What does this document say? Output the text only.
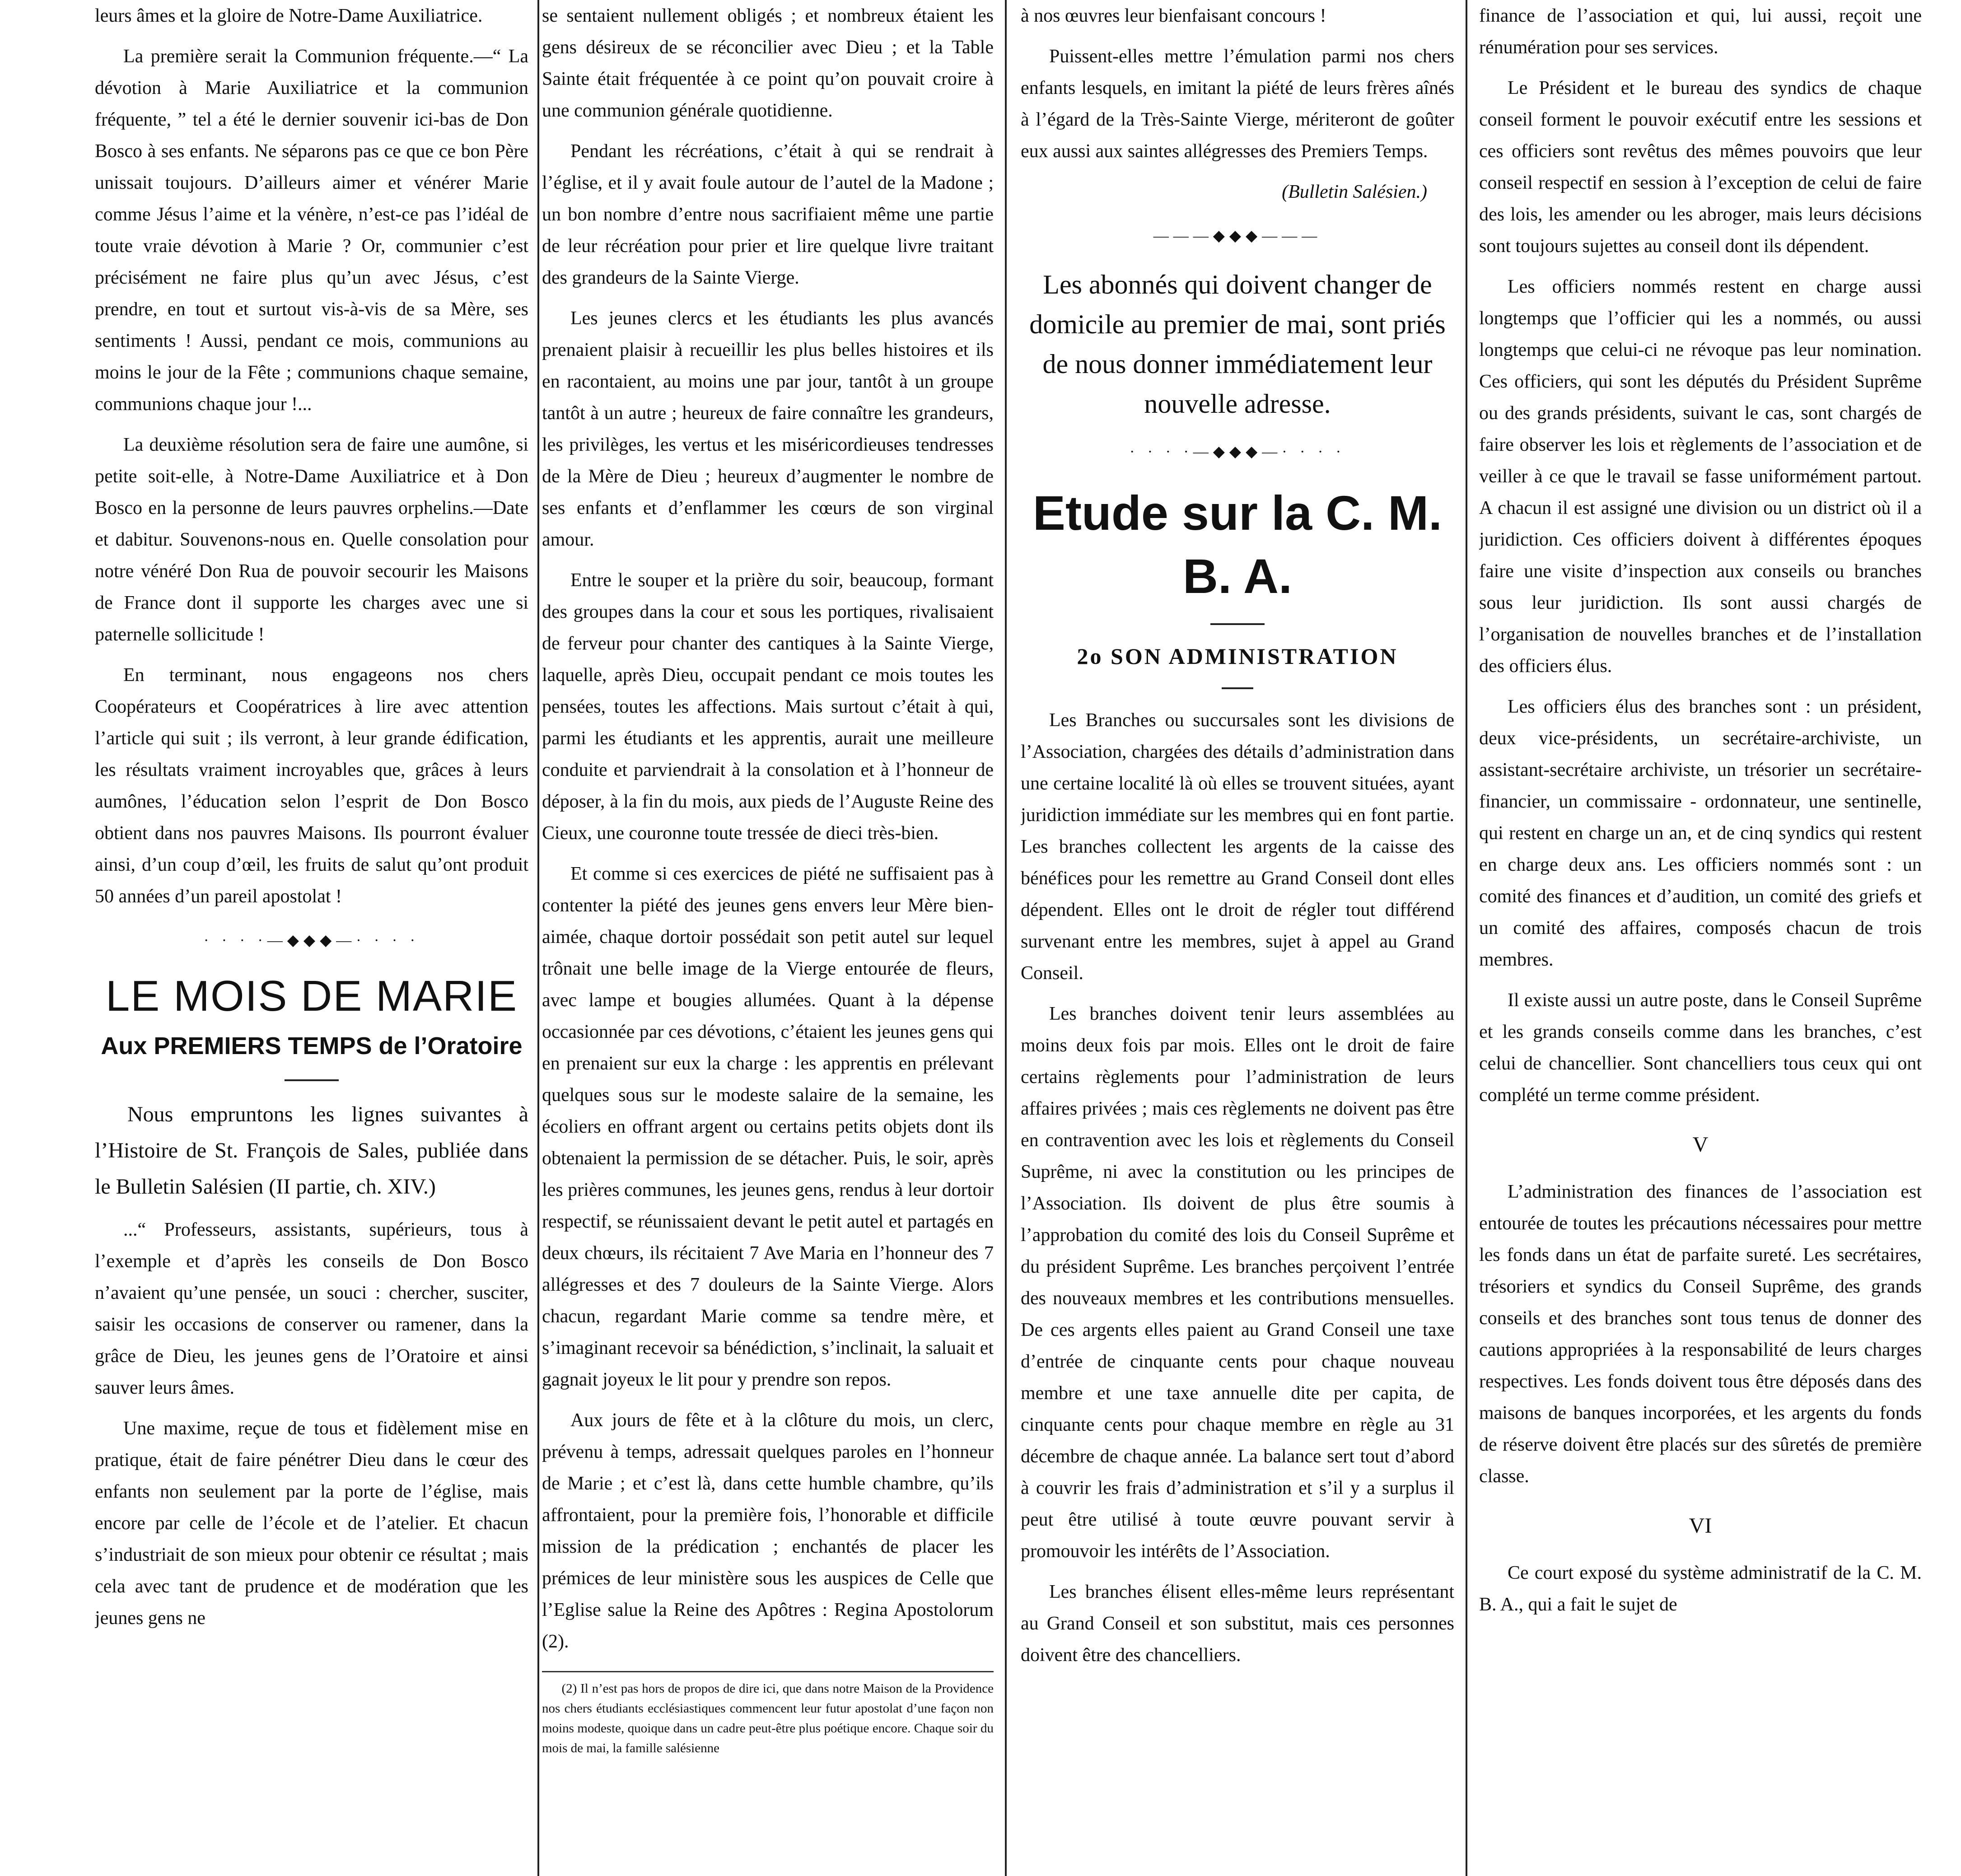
leurs âmes et la gloire de Notre-Dame Auxiliatrice.

La première serait la Communion fréquente.—“ La dévotion à Marie Auxiliatrice et la communion fréquente, ” tel a été le dernier souvenir ici-bas de Don Bosco à ses enfants. Ne séparons pas ce que ce bon Père unissait toujours. D’ailleurs aimer et vénérer Marie comme Jésus l’aime et la vénère, n’est-ce pas l’idéal de toute vraie dévotion à Marie ? Or, communier c’est précisément ne faire plus qu’un avec Jésus, c’est prendre, en tout et surtout vis-à-vis de sa Mère, ses sentiments ! Aussi, pendant ce mois, communions au moins le jour de la Fête ; communions chaque semaine, communions chaque jour !...

La deuxième résolution sera de faire une aumône, si petite soit-elle, à Notre-Dame Auxiliatrice et à Don Bosco en la personne de leurs pauvres orphelins.—Date et dabitur. Souvenons-nous en. Quelle consolation pour notre vénéré Don Rua de pouvoir secourir les Maisons de France dont il supporte les charges avec une si paternelle sollicitude !

En terminant, nous engageons nos chers Coopérateurs et Coopératrices à lire avec attention l’article qui suit ; ils verront, à leur grande édification, les résultats vraiment incroyables que, grâces à leurs aumônes, l’éducation selon l’esprit de Don Bosco obtient dans nos pauvres Maisons. Ils pourront évaluer ainsi, d’un coup d’œil, les fruits de salut qu’ont produit 50 années d’un pareil apostolat !

· · · ·—◆◆◆—· · · ·
LE MOIS DE MARIE
Aux PREMIERS TEMPS de l’Oratoire

Nous empruntons les lignes suivantes à l’Histoire de St. François de Sales, publiée dans le Bulletin Salésien (II partie, ch. XIV.)

...“ Professeurs, assistants, supérieurs, tous à l’exemple et d’après les conseils de Don Bosco n’avaient qu’une pensée, un souci : chercher, susciter, saisir les occasions de conserver ou ramener, dans la grâce de Dieu, les jeunes gens de l’Oratoire et ainsi sauver leurs âmes.

Une maxime, reçue de tous et fidèlement mise en pratique, était de faire pénétrer Dieu dans le cœur des enfants non seulement par la porte de l’église, mais encore par celle de l’école et de l’atelier. Et chacun s’industriait de son mieux pour obtenir ce résultat ; mais cela avec tant de prudence et de modération que les jeunes gens ne

se sentaient nullement obligés ; et nombreux étaient les gens désireux de se réconcilier avec Dieu ; et la Table Sainte était fréquentée à ce point qu’on pouvait croire à une communion générale quotidienne.

Pendant les récréations, c’était à qui se rendrait à l’église, et il y avait foule autour de l’autel de la Madone ; un bon nombre d’entre nous sacrifiaient même une partie de leur récréation pour prier et lire quelque livre traitant des grandeurs de la Sainte Vierge.

Les jeunes clercs et les étudiants les plus avancés prenaient plaisir à recueillir les plus belles histoires et ils en racontaient, au moins une par jour, tantôt à un groupe tantôt à un autre ; heureux de faire connaître les grandeurs, les privilèges, les vertus et les miséricordieuses tendresses de la Mère de Dieu ; heureux d’augmenter le nombre de ses enfants et d’enflammer les cœurs de son virginal amour.

Entre le souper et la prière du soir, beaucoup, formant des groupes dans la cour et sous les portiques, rivalisaient de ferveur pour chanter des cantiques à la Sainte Vierge, laquelle, après Dieu, occupait pendant ce mois toutes les pensées, toutes les affections. Mais surtout c’était à qui, parmi les étudiants et les apprentis, aurait une meilleure conduite et parviendrait à la consolation et à l’honneur de déposer, à la fin du mois, aux pieds de l’Auguste Reine des Cieux, une couronne toute tressée de dieci très-bien.

Et comme si ces exercices de piété ne suffisaient pas à contenter la piété des jeunes gens envers leur Mère bien-aimée, chaque dortoir possédait son petit autel sur lequel trônait une belle image de la Vierge entourée de fleurs, avec lampe et bougies allumées. Quant à la dépense occasionnée par ces dévotions, c’étaient les jeunes gens qui en prenaient sur eux la charge : les apprentis en prélevant quelques sous sur le modeste salaire de la semaine, les écoliers en offrant argent ou certains petits objets dont ils obtenaient la permission de se détacher. Puis, le soir, après les prières communes, les jeunes gens, rendus à leur dortoir respectif, se réunissaient devant le petit autel et partagés en deux chœurs, ils récitaient 7 Ave Maria en l’honneur des 7 allégresses et des 7 douleurs de la Sainte Vierge. Alors chacun, regardant Marie comme sa tendre mère, et s’imaginant recevoir sa bénédiction, s’inclinait, la saluait et gagnait joyeux le lit pour y prendre son repos.

Aux jours de fête et à la clôture du mois, un clerc, prévenu à temps, adressait quelques paroles en l’honneur de Marie ; et c’est là, dans cette humble chambre, qu’ils affrontaient, pour la première fois, l’honorable et difficile mission de la prédication ; enchantés de placer les prémices de leur ministère sous les auspices de Celle que l’Eglise salue la Reine des Apôtres : Regina Apostolorum (2).

(2) Il n’est pas hors de propos de dire ici, que dans notre Maison de la Providence nos chers étudiants ecclésiastiques commencent leur futur apostolat d’une façon non moins modeste, quoique dans un cadre peut-être plus poétique encore. Chaque soir du mois de mai, la famille salésienne

à nos œuvres leur bienfaisant concours !

Puissent-elles mettre l’émulation parmi nos chers enfants lesquels, en imitant la piété de leurs frères aînés à l’égard de la Très-Sainte Vierge, mériteront de goûter eux aussi aux saintes allégresses des Premiers Temps.

(Bulletin Salésien.)
———◆◆◆———
Les abonnés qui doivent changer de domicile au premier de mai, sont priés de nous donner immédiatement leur nouvelle adresse.
· · · ·—◆◆◆—· · · ·
Etude sur la C. M. B. A.
2o SON ADMINISTRATION

Les Branches ou succursales sont les divisions de l’Association, chargées des détails d’administration dans une certaine localité là où elles se trouvent situées, ayant juridiction immédiate sur les membres qui en font partie. Les branches collectent les argents de la caisse des bénéfices pour les remettre au Grand Conseil dont elles dépendent. Elles ont le droit de régler tout différend survenant entre les membres, sujet à appel au Grand Conseil.

Les branches doivent tenir leurs assemblées au moins deux fois par mois. Elles ont le droit de faire certains règlements pour l’administration de leurs affaires privées ; mais ces règlements ne doivent pas être en contravention avec les lois et règlements du Conseil Suprême, ni avec la constitution ou les principes de l’Association. Ils doivent de plus être soumis à l’approbation du comité des lois du Conseil Suprême et du président Suprême. Les branches perçoivent l’entrée des nouveaux membres et les contributions mensuelles. De ces argents elles paient au Grand Conseil une taxe d’entrée de cinquante cents pour chaque nouveau membre et une taxe annuelle dite per capita, de cinquante cents pour chaque membre en règle au 31 décembre de chaque année. La balance sert tout d’abord à couvrir les frais d’administration et s’il y a surplus il peut être utilisé à toute œuvre pouvant servir à promouvoir les intérêts de l’Association.

Les branches élisent elles-même leurs représentant au Grand Conseil et son substitut, mais ces personnes doivent être des chancelliers.

finance de l’association et qui, lui aussi, reçoit une rénumération pour ses services.

Le Président et le bureau des syndics de chaque conseil forment le pouvoir exécutif entre les sessions et ces officiers sont revêtus des mêmes pouvoirs que leur conseil respectif en session à l’exception de celui de faire des lois, les amender ou les abroger, mais leurs décisions sont toujours sujettes au conseil dont ils dépendent.

Les officiers nommés restent en charge aussi longtemps que l’officier qui les a nommés, ou aussi longtemps que celui-ci ne révoque pas leur nomination. Ces officiers, qui sont les députés du Président Suprême ou des grands présidents, suivant le cas, sont chargés de faire observer les lois et règlements de l’association et de veiller à ce que le travail se fasse uniformément partout. A chacun il est assigné une division ou un district où il a juridiction. Ces officiers doivent à différentes époques faire une visite d’inspection aux conseils ou branches sous leur juridiction. Ils sont aussi chargés de l’organisation de nouvelles branches et de l’installation des officiers élus.

Les officiers élus des branches sont : un président, deux vice-présidents, un secrétaire-archiviste, un assistant-secrétaire archiviste, un trésorier un secrétaire-financier, un commissaire - ordonnateur, une sentinelle, qui restent en charge un an, et de cinq syndics qui restent en charge deux ans. Les officiers nommés sont : un comité des finances et d’audition, un comité des griefs et un comité des affaires, composés chacun de trois membres.

Il existe aussi un autre poste, dans le Conseil Suprême et les grands conseils comme dans les branches, c’est celui de chancellier. Sont chancelliers tous ceux qui ont complété un terme comme président.

V

L’administration des finances de l’association est entourée de toutes les précautions nécessaires pour mettre les fonds dans un état de parfaite sureté. Les secrétaires, trésoriers et syndics du Conseil Suprême, des grands conseils et des branches sont tous tenus de donner des cautions appropriées à la responsabilité de leurs charges respectives. Les fonds doivent tous être déposés dans des maisons de banques incorporées, et les argents du fonds de réserve doivent être placés sur des sûretés de première classe.

VI

Ce court exposé du système administratif de la C. M. B. A., qui a fait le sujet de
